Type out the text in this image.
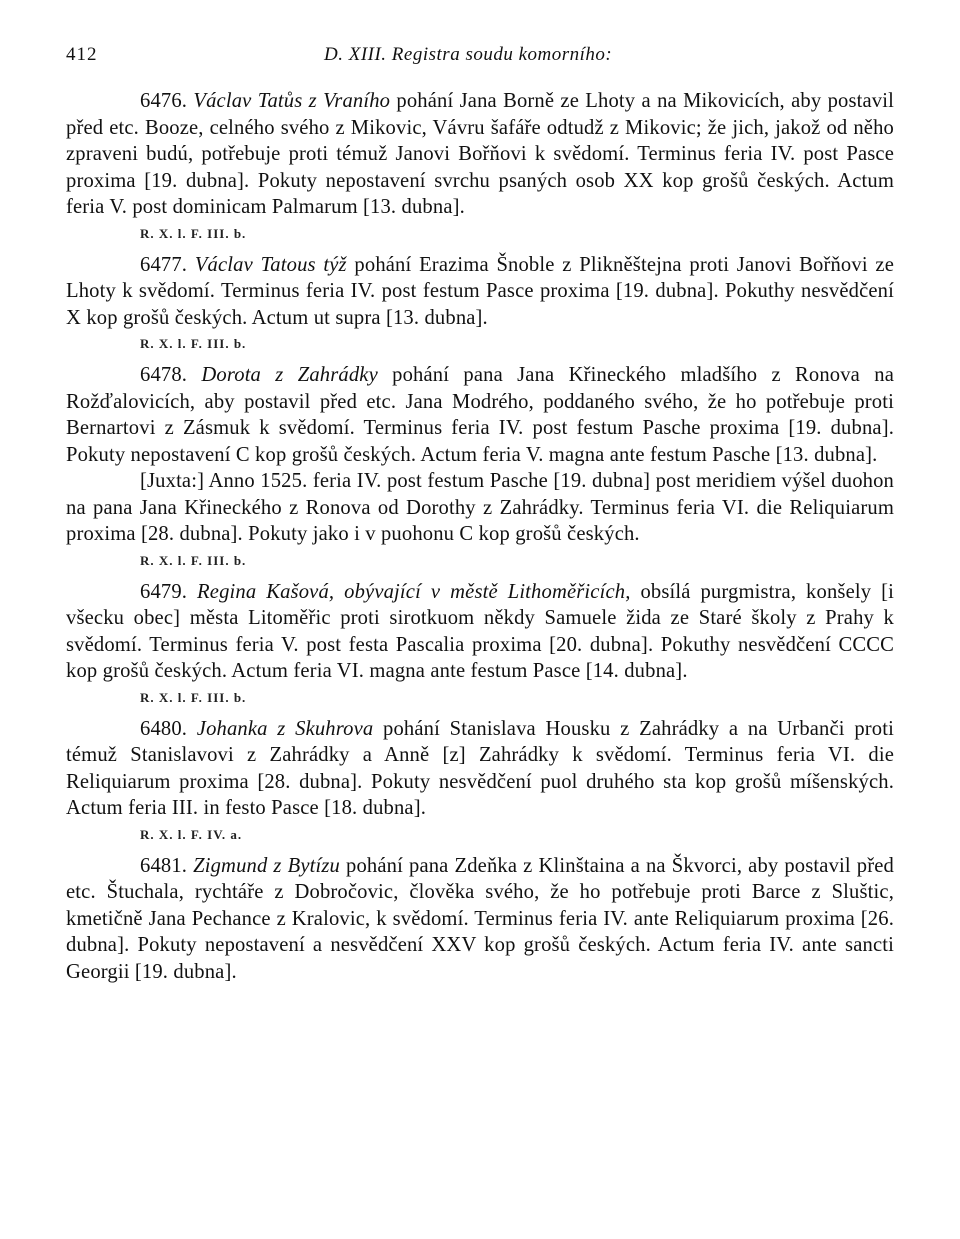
412	D. XIII. Registra soudu komorního:

6476. Václav Tatůs z Vraního pohání Jana Borně ze Lhoty a na Mikovicích, aby postavil před etc. Booze, celného svého z Mikovic, Vávru šafáře odtudž z Mikovic; že jich, jakož od něho zpraveni budú, potřebuje proti témuž Janovi Bořňovi k svědomí. Terminus feria IV. post Pasce proxima [19. dubna]. Pokuty nepostavení svrchu psaných osob XX kop grošů českých. Actum feria V. post dominicam Palmarum [13. dubna].

R. X. l. F. III. b.

6477. Václav Tatous týž pohání Erazima Šnoble z Plikněštejna proti Janovi Bořňovi ze Lhoty k svědomí. Terminus feria IV. post festum Pasce proxima [19. dubna]. Pokuthy nesvědčení X kop grošů českých. Actum ut supra [13. dubna].

R. X. l. F. III. b.

6478. Dorota z Zahrádky pohání pana Jana Křineckého mladšího z Ronova na Rožďalovicích, aby postavil před etc. Jana Modrého, poddaného svého, že ho potřebuje proti Bernartovi z Zásmuk k svědomí. Terminus feria IV. post festum Pasche proxima [19. dubna]. Pokuty nepostavení C kop grošů českých. Actum feria V. magna ante festum Pasche [13. dubna].

[Juxta:] Anno 1525. feria IV. post festum Pasche [19. dubna] post meridiem výšel duohon na pana Jana Křineckého z Ronova od Dorothy z Zahrádky. Terminus feria VI. die Reliquiarum proxima [28. dubna]. Pokuty jako i v puohonu C kop grošů českých.

R. X. l. F. III. b.

6479. Regina Kašová, obývající v městě Lithoměřicích, obsílá purgmistra, konšely [i všecku obec] města Litoměřic proti sirotkuom někdy Samuele žida ze Staré školy z Prahy k svědomí. Terminus feria V. post festa Pascalia proxima [20. dubna]. Pokuthy nesvědčení CCCC kop grošů českých. Actum feria VI. magna ante festum Pasce [14. dubna].

R. X. l. F. III. b.

6480. Johanka z Skuhrova pohání Stanislava Housku z Zahrádky a na Urbanči proti témuž Stanislavovi z Zahrádky a Anně [z] Zahrádky k svědomí. Terminus feria VI. die Reliquiarum proxima [28. dubna]. Pokuty nesvědčení puol druhého sta kop grošů míšenských. Actum feria III. in festo Pasce [18. dubna].

R. X. l. F. IV. a.

6481. Zigmund z Bytízu pohání pana Zdeňka z Klinštaina a na Škvorci, aby postavil před etc. Štuchala, rychtáře z Dobročovic, člověka svého, že ho potřebuje proti Barce z Sluštic, kmetičně Jana Pechance z Kralovic, k svědomí. Terminus feria IV. ante Reliquiarum proxima [26. dubna]. Pokuty nepostavení a nesvědčení XXV kop grošů českých. Actum feria IV. ante sancti Georgii [19. dubna].
